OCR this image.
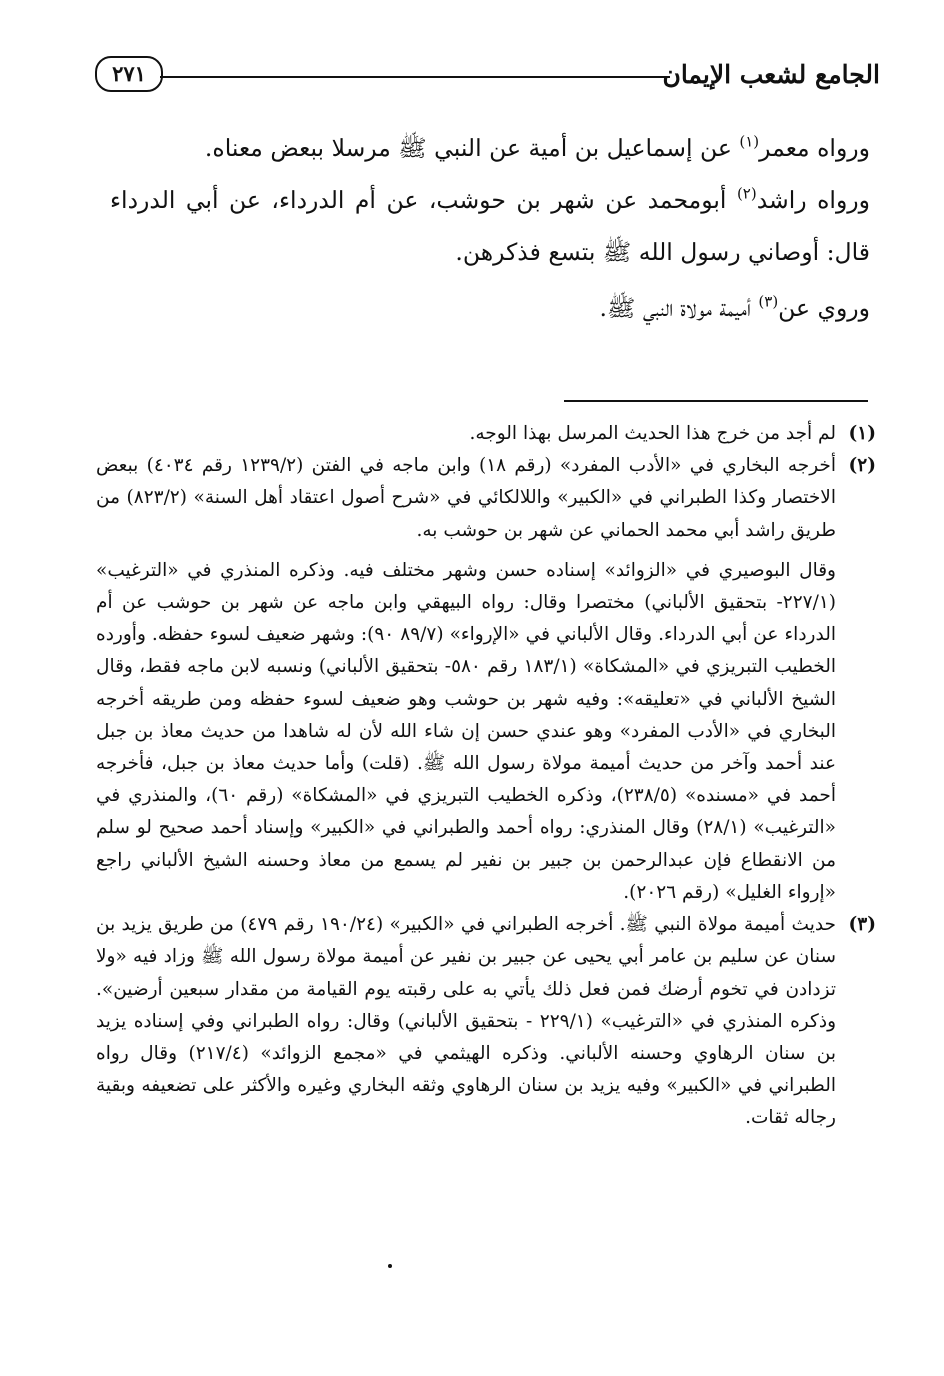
الجامع لشعب الإيمان
٢٧١

ورواه معمر$^{(١)}$ عن إسماعيل بن أمية عن النبي ﷺ مرسلا ببعض معناه.

ورواه راشد$^{(٢)}$ أبومحمد عن شهر بن حوشب، عن أم الدرداء، عن أبي الدرداء قال: أوصاني رسول الله ﷺ بتسع فذكرهن.

وروي عن$^{(٣)}$ أميمة مولاة النبي ﷺ.

(١)

لم أجد من خرج هذا الحديث المرسل بهذا الوجه.

(٢)

أخرجه البخاري في «الأدب المفرد» (رقم ١٨) وابن ماجه في الفتن (١٢٣٩/٢ رقم ٤٠٣٤) ببعض الاختصار وكذا الطبراني في «الكبير» واللالكائي في «شرح أصول اعتقاد أهل السنة» (٨٢٣/٢) من طريق راشد أبي محمد الحماني عن شهر بن حوشب به.

وقال البوصيري في «الزوائد» إسناده حسن وشهر مختلف فيه. وذكره المنذري في «الترغيب» (٢٢٧/١- بتحقيق الألباني) مختصرا وقال: رواه البيهقي وابن ماجه عن شهر بن حوشب عن أم الدرداء عن أبي الدرداء. وقال الألباني في «الإرواء» (٨٩/٧ ٩٠): وشهر ضعيف لسوء حفظه. وأورده الخطيب التبريزي في «المشكاة» (١٨٣/١ رقم ٥٨٠- بتحقيق الألباني) ونسبه لابن ماجه فقط، وقال الشيخ الألباني في «تعليقه»: وفيه شهر بن حوشب وهو ضعيف لسوء حفظه ومن طريقه أخرجه البخاري في «الأدب المفرد» وهو عندي حسن إن شاء الله لأن له شاهدا من حديث معاذ بن جبل عند أحمد وآخر من حديث أميمة مولاة رسول الله ﷺ. (قلت) وأما حديث معاذ بن جبل، فأخرجه أحمد في «مسنده» (٢٣٨/٥)، وذكره الخطيب التبريزي في «المشكاة» (رقم ٦٠)، والمنذري في «الترغيب» (٢٨/١) وقال المنذري: رواه أحمد والطبراني في «الكبير» وإسناد أحمد صحيح لو سلم من الانقطاع فإن عبدالرحمن بن جبير بن نفير لم يسمع من معاذ وحسنه الشيخ الألباني راجع «إرواء الغليل» (رقم ٢٠٢٦).

(٣)

حديث أميمة مولاة النبي ﷺ. أخرجه الطبراني في «الكبير» (١٩٠/٢٤ رقم ٤٧٩) من طريق يزيد بن سنان عن سليم بن عامر أبي يحيى عن جبير بن نفير عن أميمة مولاة رسول الله ﷺ وزاد فيه «ولا تزدادن في تخوم أرضك فمن فعل ذلك يأتي به على رقبته يوم القيامة من مقدار سبعين أرضين». وذكره المنذري في «الترغيب» (٢٢٩/١ - بتحقيق الألباني) وقال: رواه الطبراني وفي إسناده يزيد بن سنان الرهاوي وحسنه الألباني. وذكره الهيثمي في «مجمع الزوائد» (٢١٧/٤) وقال رواه الطبراني في «الكبير» وفيه يزيد بن سنان الرهاوي وثقه البخاري وغيره والأكثر على تضعيفه وبقية رجاله ثقات.
